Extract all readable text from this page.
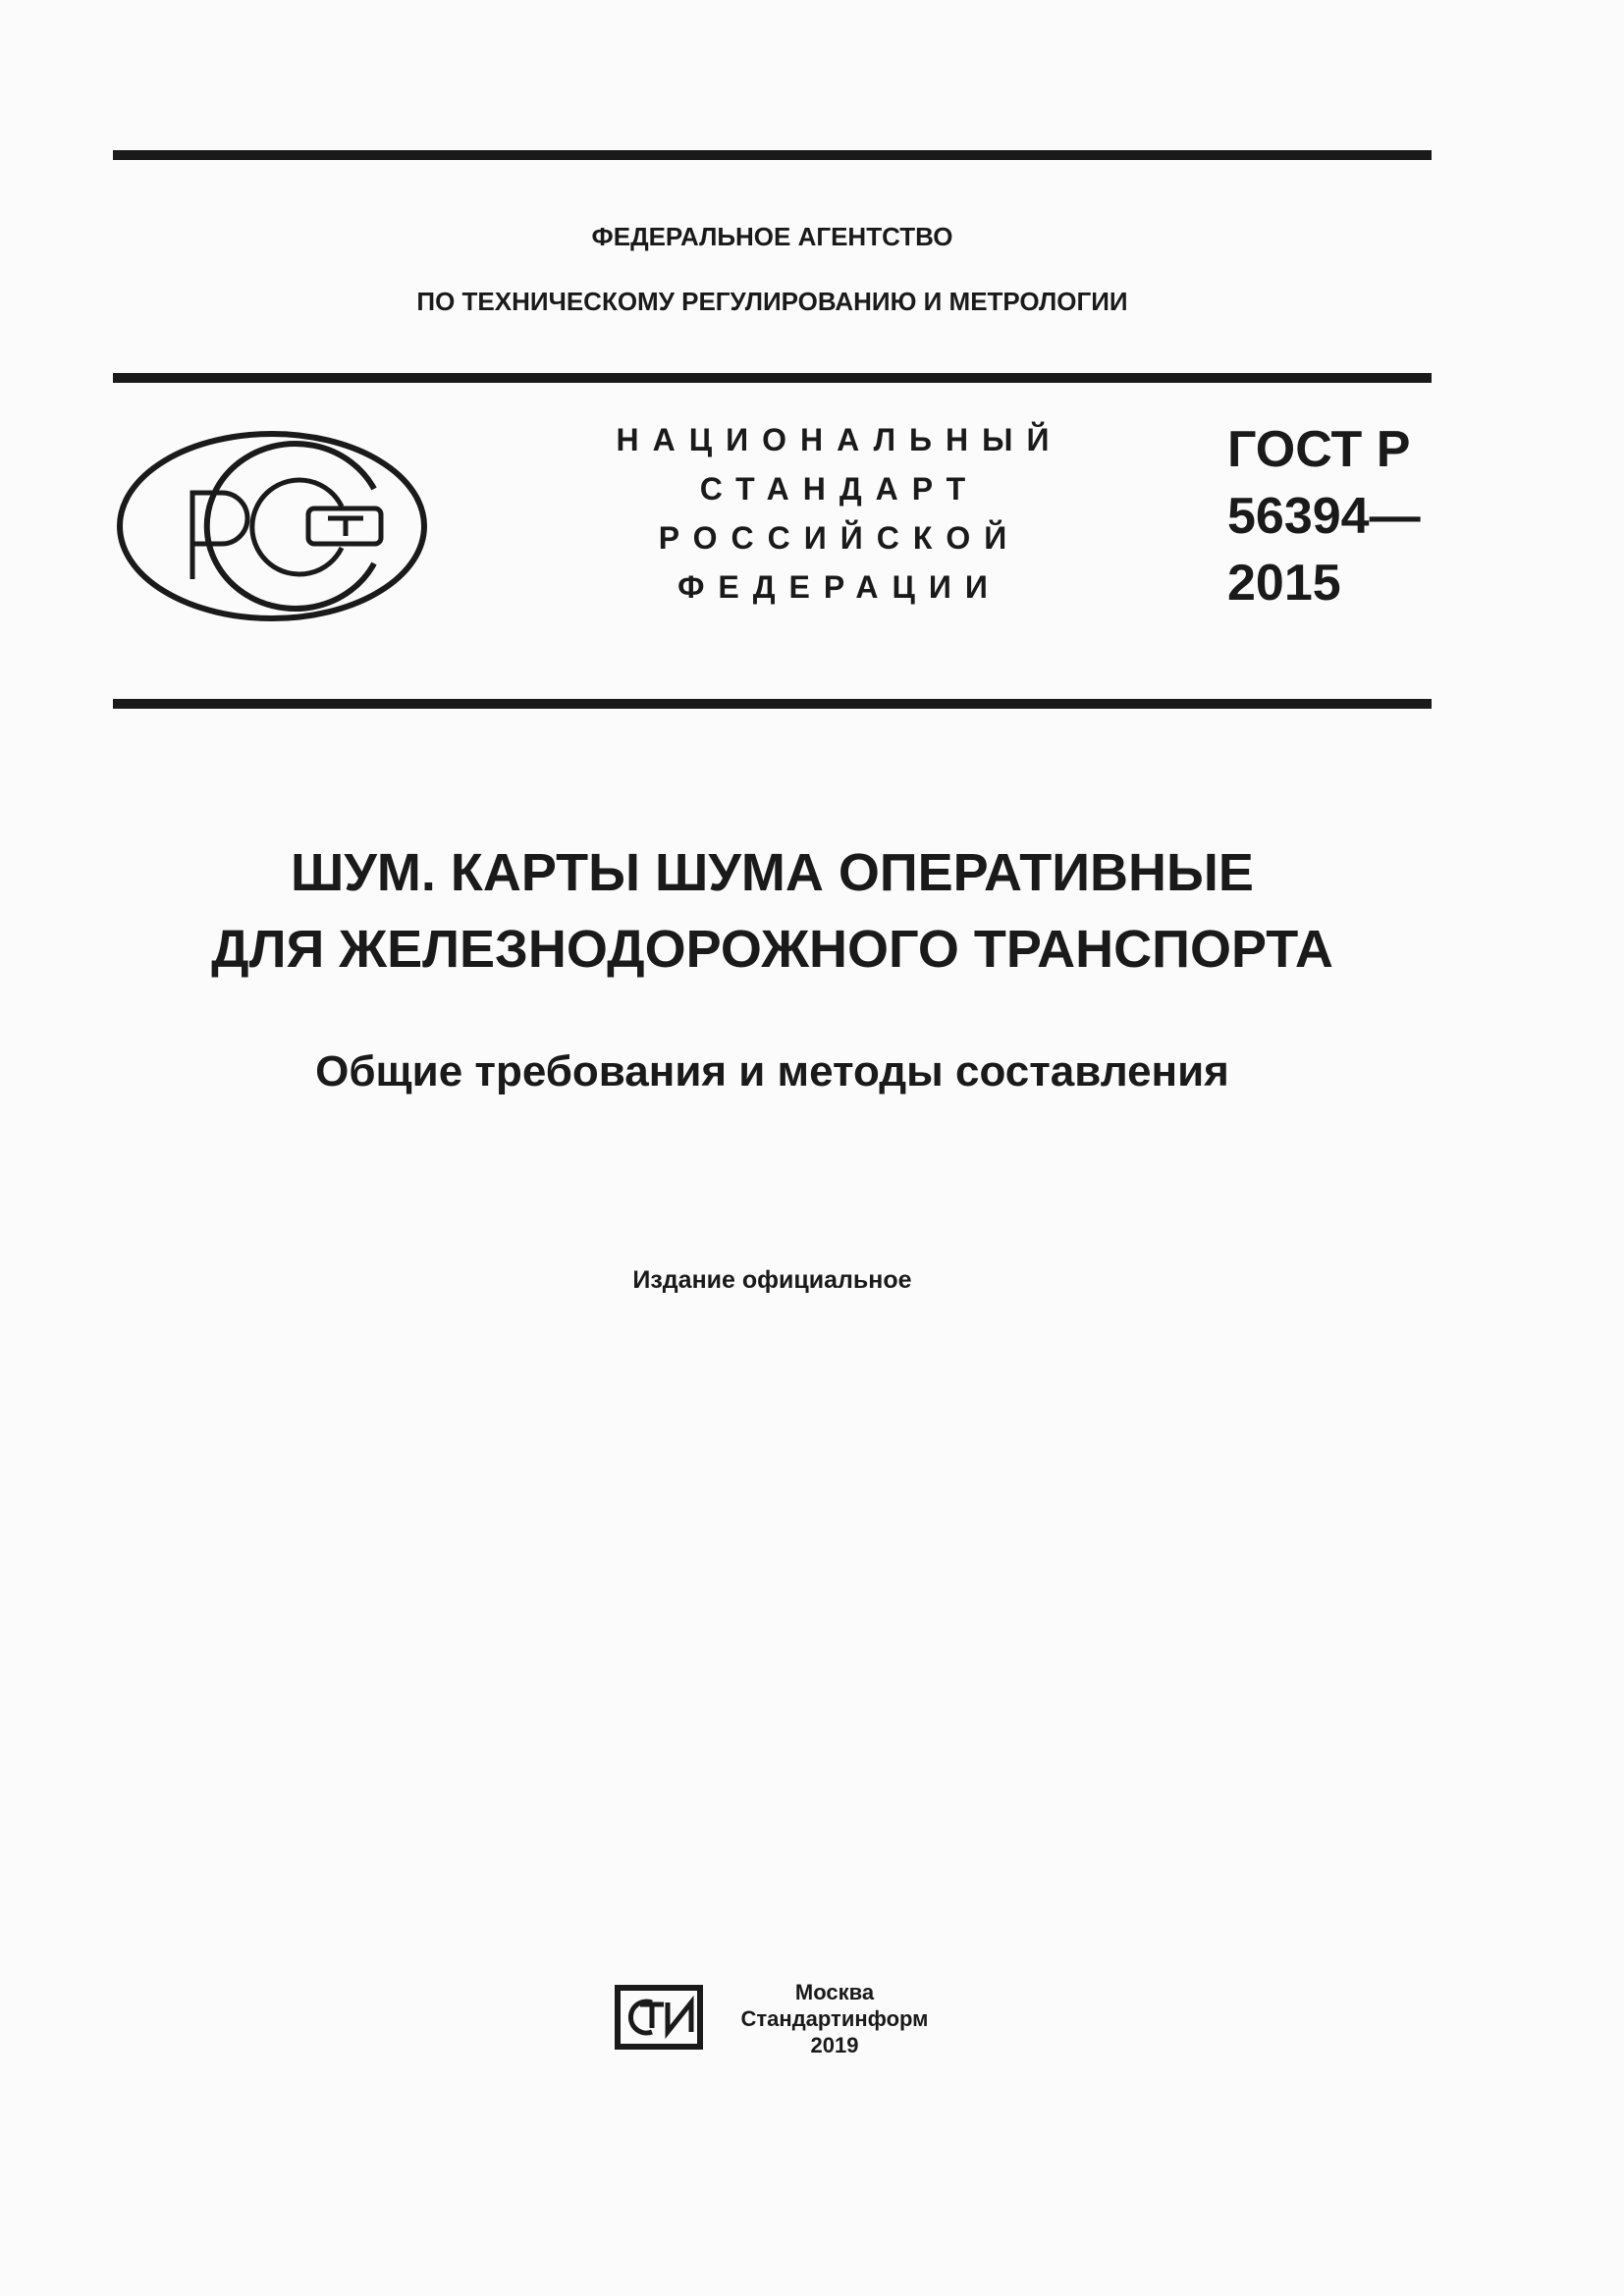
ФЕДЕРАЛЬНОЕ АГЕНТСТВО
ПО ТЕХНИЧЕСКОМУ РЕГУЛИРОВАНИЮ И МЕТРОЛОГИИ
НАЦИОНАЛЬНЫЙ
СТАНДАРТ
РОССИЙСКОЙ
ФЕДЕРАЦИИ
ГОСТ Р
56394—
2015
ШУМ. КАРТЫ ШУМА ОПЕРАТИВНЫЕ
ДЛЯ ЖЕЛЕЗНОДОРОЖНОГО ТРАНСПОРТА
Общие требования и методы составления
Издание официальное
Москва
Стандартинформ
2019
